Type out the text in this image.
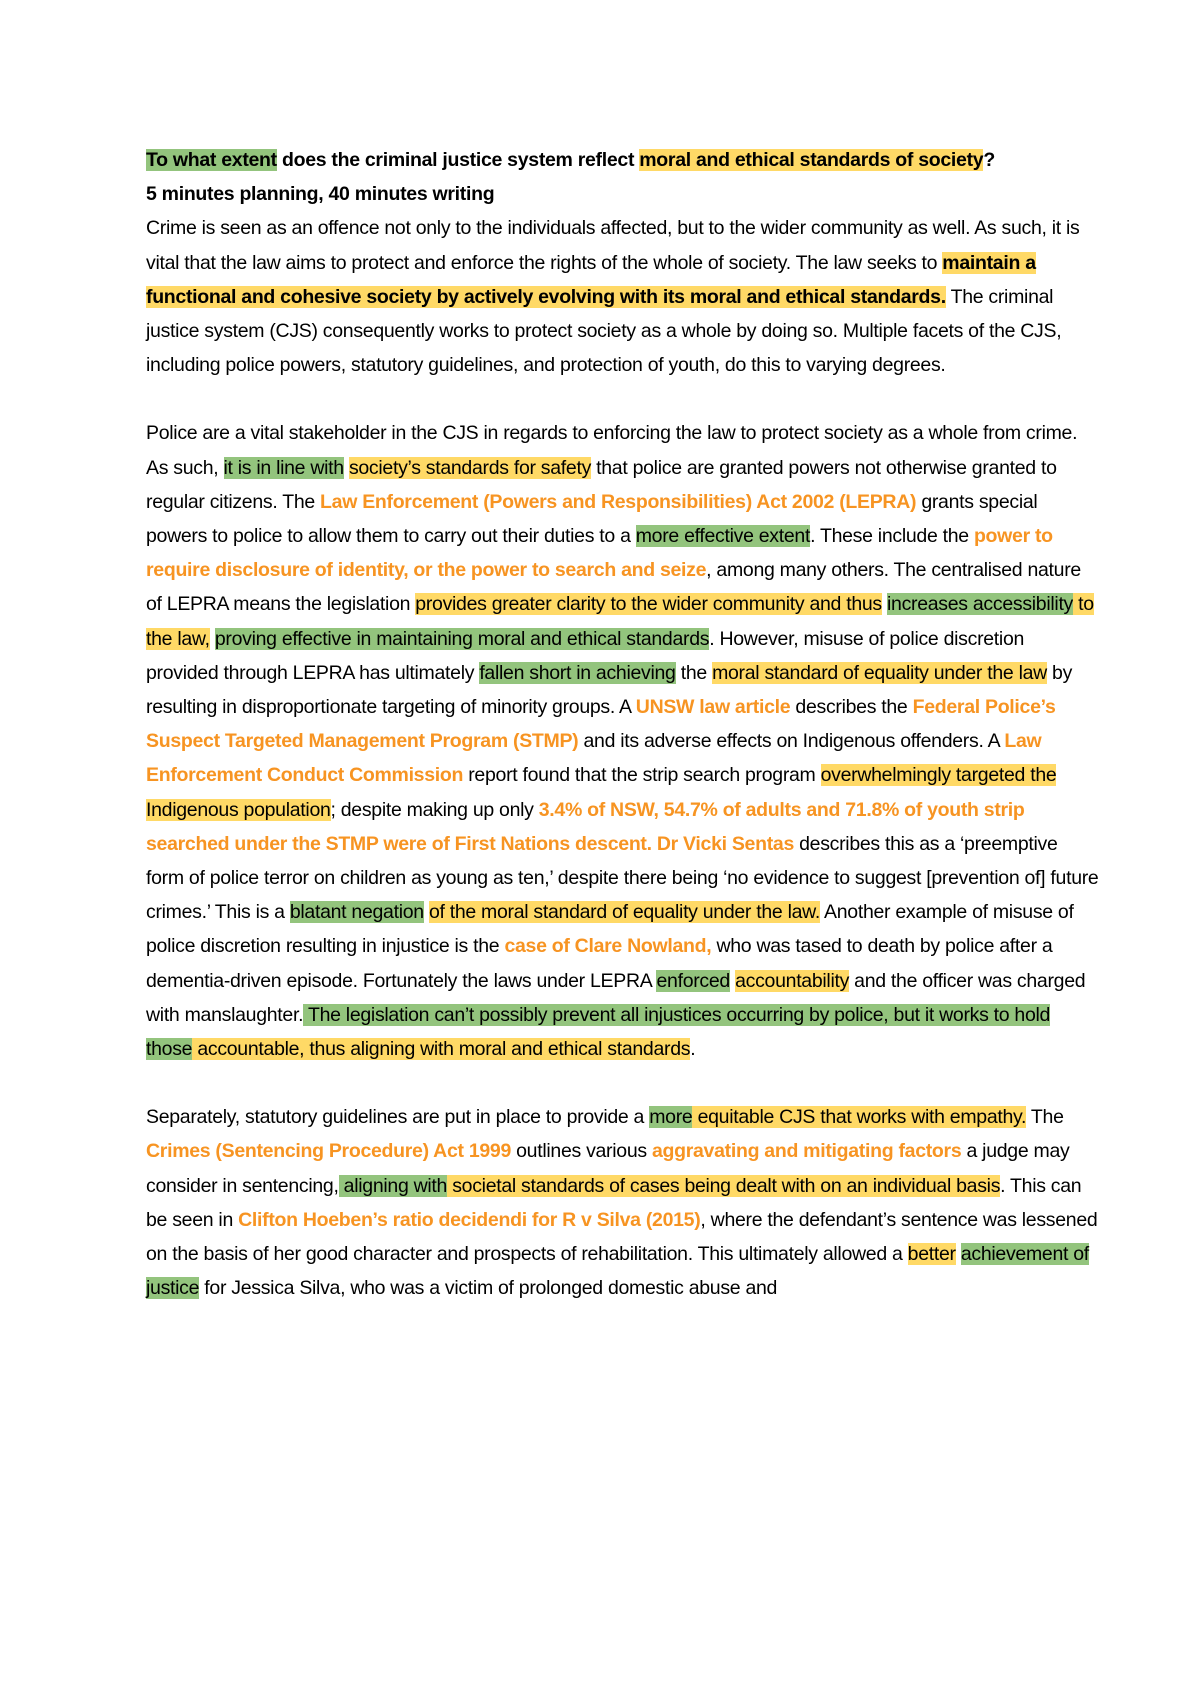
To what extent does the criminal justice system reflect moral and ethical standards of society?

5 minutes planning, 40 minutes writing

Crime is seen as an offence not only to the individuals affected, but to the wider community as well. As such, it is vital that the law aims to protect and enforce the rights of the whole of society. The law seeks to maintain a functional and cohesive society by actively evolving with its moral and ethical standards. The criminal justice system (CJS) consequently works to protect society as a whole by doing so. Multiple facets of the CJS, including police powers, statutory guidelines, and protection of youth, do this to varying degrees.

Police are a vital stakeholder in the CJS in regards to enforcing the law to protect society as a whole from crime. As such, it is in line with society’s standards for safety that police are granted powers not otherwise granted to regular citizens. The Law Enforcement (Powers and Responsibilities) Act 2002 (LEPRA) grants special powers to police to allow them to carry out their duties to a more effective extent. These include the power to require disclosure of identity, or the power to search and seize, among many others. The centralised nature of LEPRA means the legislation provides greater clarity to the wider community and thus increases accessibility to the law, proving effective in maintaining moral and ethical standards. However, misuse of police discretion provided through LEPRA has ultimately fallen short in achieving the moral standard of equality under the law by resulting in disproportionate targeting of minority groups. A UNSW law article describes the Federal Police’s Suspect Targeted Management Program (STMP) and its adverse effects on Indigenous offenders. A Law Enforcement Conduct Commission report found that the strip search program overwhelmingly targeted the Indigenous population; despite making up only 3.4% of NSW, 54.7% of adults and 71.8% of youth strip searched under the STMP were of First Nations descent. Dr Vicki Sentas describes this as a ‘preemptive form of police terror on children as young as ten,’ despite there being ‘no evidence to suggest [prevention of] future crimes.’ This is a blatant negation of the moral standard of equality under the law. Another example of misuse of police discretion resulting in injustice is the case of Clare Nowland, who was tased to death by police after a dementia-driven episode. Fortunately the laws under LEPRA enforced accountability and the officer was charged with manslaughter. The legislation can’t possibly prevent all injustices occurring by police, but it works to hold those accountable, thus aligning with moral and ethical standards.

Separately, statutory guidelines are put in place to provide a more equitable CJS that works with empathy. The Crimes (Sentencing Procedure) Act 1999 outlines various aggravating and mitigating factors a judge may consider in sentencing, aligning with societal standards of cases being dealt with on an individual basis. This can be seen in Clifton Hoeben’s ratio decidendi for R v Silva (2015), where the defendant’s sentence was lessened on the basis of her good character and prospects of rehabilitation. This ultimately allowed a better achievement of justice for Jessica Silva, who was a victim of prolonged domestic abuse and
